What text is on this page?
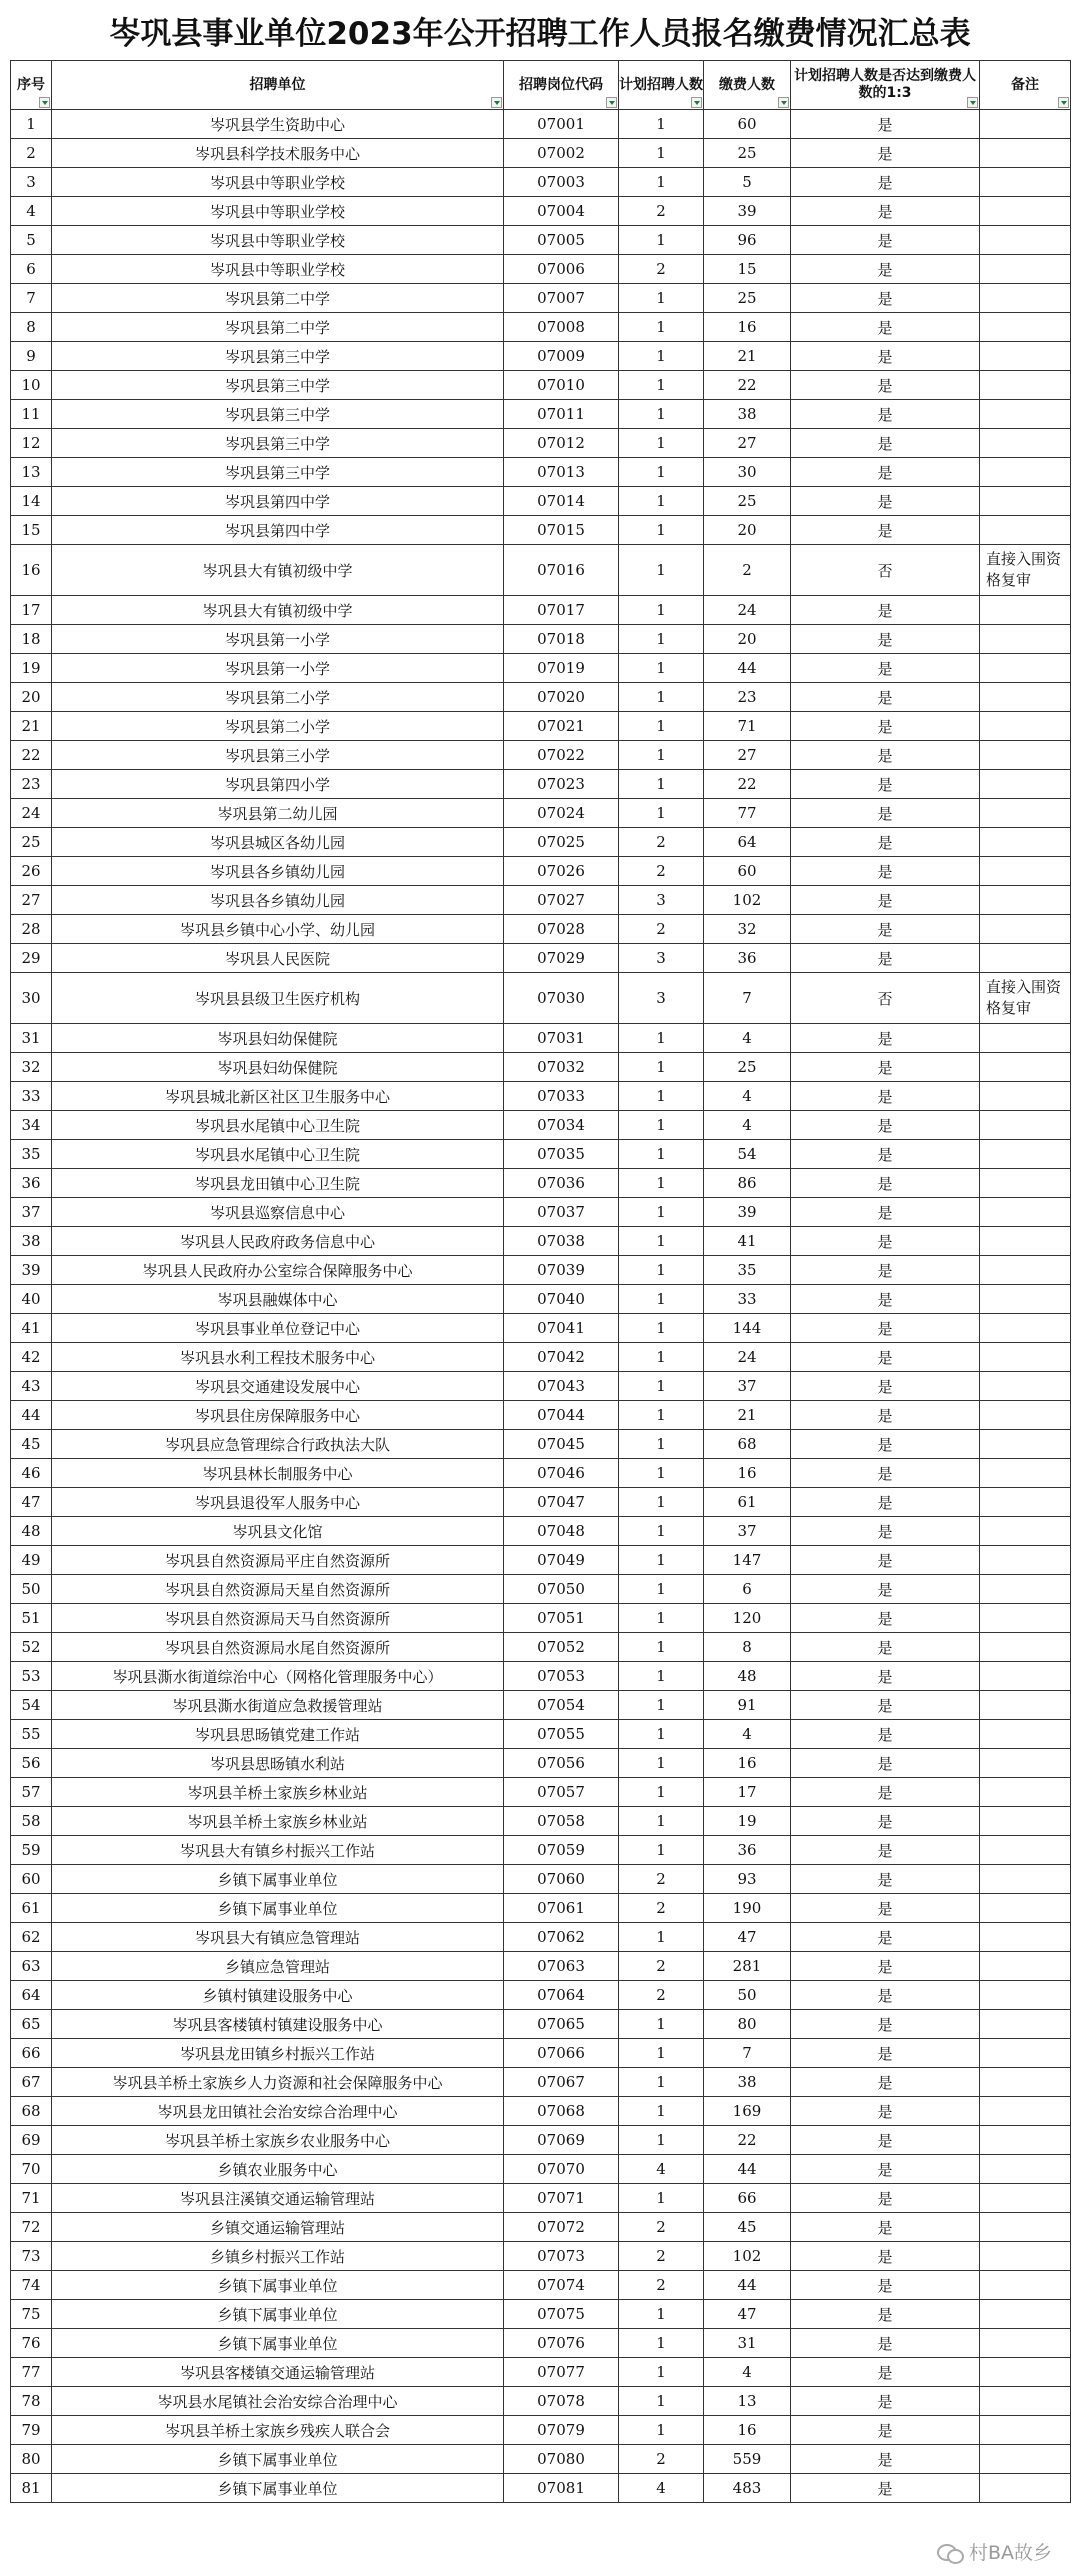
岑巩县事业单位2023年公开招聘工作人员报名缴费情况汇总表
序号	招聘单位	招聘岗位代码	计划招聘人数	缴费人数	计划招聘人数是否达到缴费人数的1:3	备注

1	岑巩县学生资助中心	07001	1	60	是	
2	岑巩县科学技术服务中心	07002	1	25	是	
3	岑巩县中等职业学校	07003	1	5	是	
4	岑巩县中等职业学校	07004	2	39	是	
5	岑巩县中等职业学校	07005	1	96	是	
6	岑巩县中等职业学校	07006	2	15	是	
7	岑巩县第二中学	07007	1	25	是	
8	岑巩县第二中学	07008	1	16	是	
9	岑巩县第三中学	07009	1	21	是	
10	岑巩县第三中学	07010	1	22	是	
11	岑巩县第三中学	07011	1	38	是	
12	岑巩县第三中学	07012	1	27	是	
13	岑巩县第三中学	07013	1	30	是	
14	岑巩县第四中学	07014	1	25	是	
15	岑巩县第四中学	07015	1	20	是	
16	岑巩县大有镇初级中学	07016	1	2	否	直接入围资格复审
17	岑巩县大有镇初级中学	07017	1	24	是	
18	岑巩县第一小学	07018	1	20	是	
19	岑巩县第一小学	07019	1	44	是	
20	岑巩县第二小学	07020	1	23	是	
21	岑巩县第二小学	07021	1	71	是	
22	岑巩县第三小学	07022	1	27	是	
23	岑巩县第四小学	07023	1	22	是	
24	岑巩县第二幼儿园	07024	1	77	是	
25	岑巩县城区各幼儿园	07025	2	64	是	
26	岑巩县各乡镇幼儿园	07026	2	60	是	
27	岑巩县各乡镇幼儿园	07027	3	102	是	
28	岑巩县乡镇中心小学、幼儿园	07028	2	32	是	
29	岑巩县人民医院	07029	3	36	是	
30	岑巩县县级卫生医疗机构	07030	3	7	否	直接入围资格复审
31	岑巩县妇幼保健院	07031	1	4	是	
32	岑巩县妇幼保健院	07032	1	25	是	
33	岑巩县城北新区社区卫生服务中心	07033	1	4	是	
34	岑巩县水尾镇中心卫生院	07034	1	4	是	
35	岑巩县水尾镇中心卫生院	07035	1	54	是	
36	岑巩县龙田镇中心卫生院	07036	1	86	是	
37	岑巩县巡察信息中心	07037	1	39	是	
38	岑巩县人民政府政务信息中心	07038	1	41	是	
39	岑巩县人民政府办公室综合保障服务中心	07039	1	35	是	
40	岑巩县融媒体中心	07040	1	33	是	
41	岑巩县事业单位登记中心	07041	1	144	是	
42	岑巩县水利工程技术服务中心	07042	1	24	是	
43	岑巩县交通建设发展中心	07043	1	37	是	
44	岑巩县住房保障服务中心	07044	1	21	是	
45	岑巩县应急管理综合行政执法大队	07045	1	68	是	
46	岑巩县林长制服务中心	07046	1	16	是	
47	岑巩县退役军人服务中心	07047	1	61	是	
48	岑巩县文化馆	07048	1	37	是	
49	岑巩县自然资源局平庄自然资源所	07049	1	147	是	
50	岑巩县自然资源局天星自然资源所	07050	1	6	是	
51	岑巩县自然资源局天马自然资源所	07051	1	120	是	
52	岑巩县自然资源局水尾自然资源所	07052	1	8	是	
53	岑巩县澌水街道综治中心（网格化管理服务中心）	07053	1	48	是	
54	岑巩县澌水街道应急救援管理站	07054	1	91	是	
55	岑巩县思旸镇党建工作站	07055	1	4	是	
56	岑巩县思旸镇水利站	07056	1	16	是	
57	岑巩县羊桥土家族乡林业站	07057	1	17	是	
58	岑巩县羊桥土家族乡林业站	07058	1	19	是	
59	岑巩县大有镇乡村振兴工作站	07059	1	36	是	
60	乡镇下属事业单位	07060	2	93	是	
61	乡镇下属事业单位	07061	2	190	是	
62	岑巩县大有镇应急管理站	07062	1	47	是	
63	乡镇应急管理站	07063	2	281	是	
64	乡镇村镇建设服务中心	07064	2	50	是	
65	岑巩县客楼镇村镇建设服务中心	07065	1	80	是	
66	岑巩县龙田镇乡村振兴工作站	07066	1	7	是	
67	岑巩县羊桥土家族乡人力资源和社会保障服务中心	07067	1	38	是	
68	岑巩县龙田镇社会治安综合治理中心	07068	1	169	是	
69	岑巩县羊桥土家族乡农业服务中心	07069	1	22	是	
70	乡镇农业服务中心	07070	4	44	是	
71	岑巩县注溪镇交通运输管理站	07071	1	66	是	
72	乡镇交通运输管理站	07072	2	45	是	
73	乡镇乡村振兴工作站	07073	2	102	是	
74	乡镇下属事业单位	07074	2	44	是	
75	乡镇下属事业单位	07075	1	47	是	
76	乡镇下属事业单位	07076	1	31	是	
77	岑巩县客楼镇交通运输管理站	07077	1	4	是	
78	岑巩县水尾镇社会治安综合治理中心	07078	1	13	是	
79	岑巩县羊桥土家族乡残疾人联合会	07079	1	16	是	
80	乡镇下属事业单位	07080	2	559	是	
81	乡镇下属事业单位	07081	4	483	是	
村BA故乡
